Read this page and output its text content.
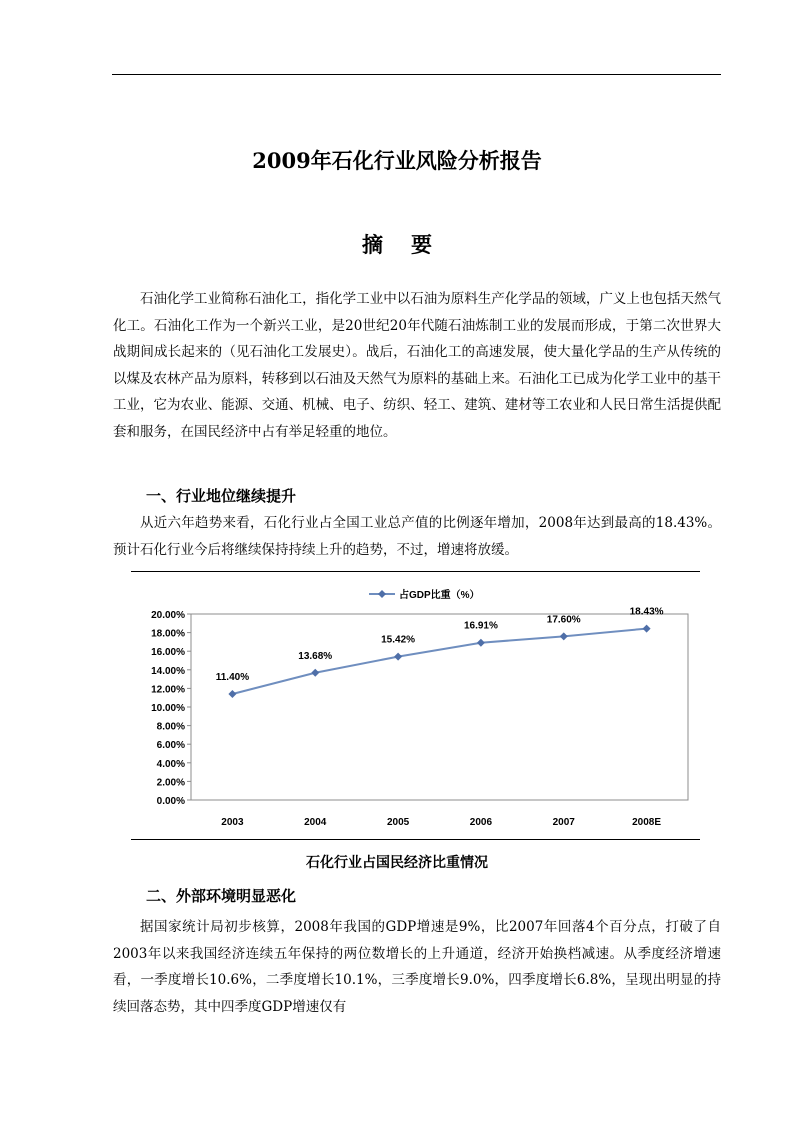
2009年石化行业风险分析报告
摘要

石油化学工业简称石油化工，指化学工业中以石油为原料生产化学品的领域，广义上也包括天然气化工。石油化工作为一个新兴工业，是20世纪20年代随石油炼制工业的发展而形成，于第二次世界大战期间成长起来的（见石油化工发展史）。战后，石油化工的高速发展，使大量化学品的生产从传统的以煤及农林产品为原料，转移到以石油及天然气为原料的基础上来。石油化工已成为化学工业中的基干工业，它为农业、能源、交通、机械、电子、纺织、轻工、建筑、建材等工农业和人民日常生活提供配套和服务，在国民经济中占有举足轻重的地位。

一、行业地位继续提升

从近六年趋势来看，石化行业占全国工业总产值的比例逐年增加，2008年达到最高的18.43%。预计石化行业今后将继续保持持续上升的趋势，不过，增速将放缓。

0.00%
2.00%
4.00%
6.00%
8.00%
10.00%
12.00%
14.00%
16.00%
18.00%
20.00%
2003	2004	2005	2006	2007	2008E
11.40%
13.68%
15.42%
16.91%
17.60%
18.43%
占GDP比重（%）
石化行业占国民经济比重情况
二、外部环境明显恶化

据国家统计局初步核算，2008年我国的GDP增速是9%，比2007年回落4个百分点，打破了自2003年以来我国经济连续五年保持的两位数增长的上升通道，经济开始换档减速。从季度经济增速看，一季度增长10.6%，二季度增长10.1%，三季度增长9.0%，四季度增长6.8%，呈现出明显的持续回落态势，其中四季度GDP增速仅有
